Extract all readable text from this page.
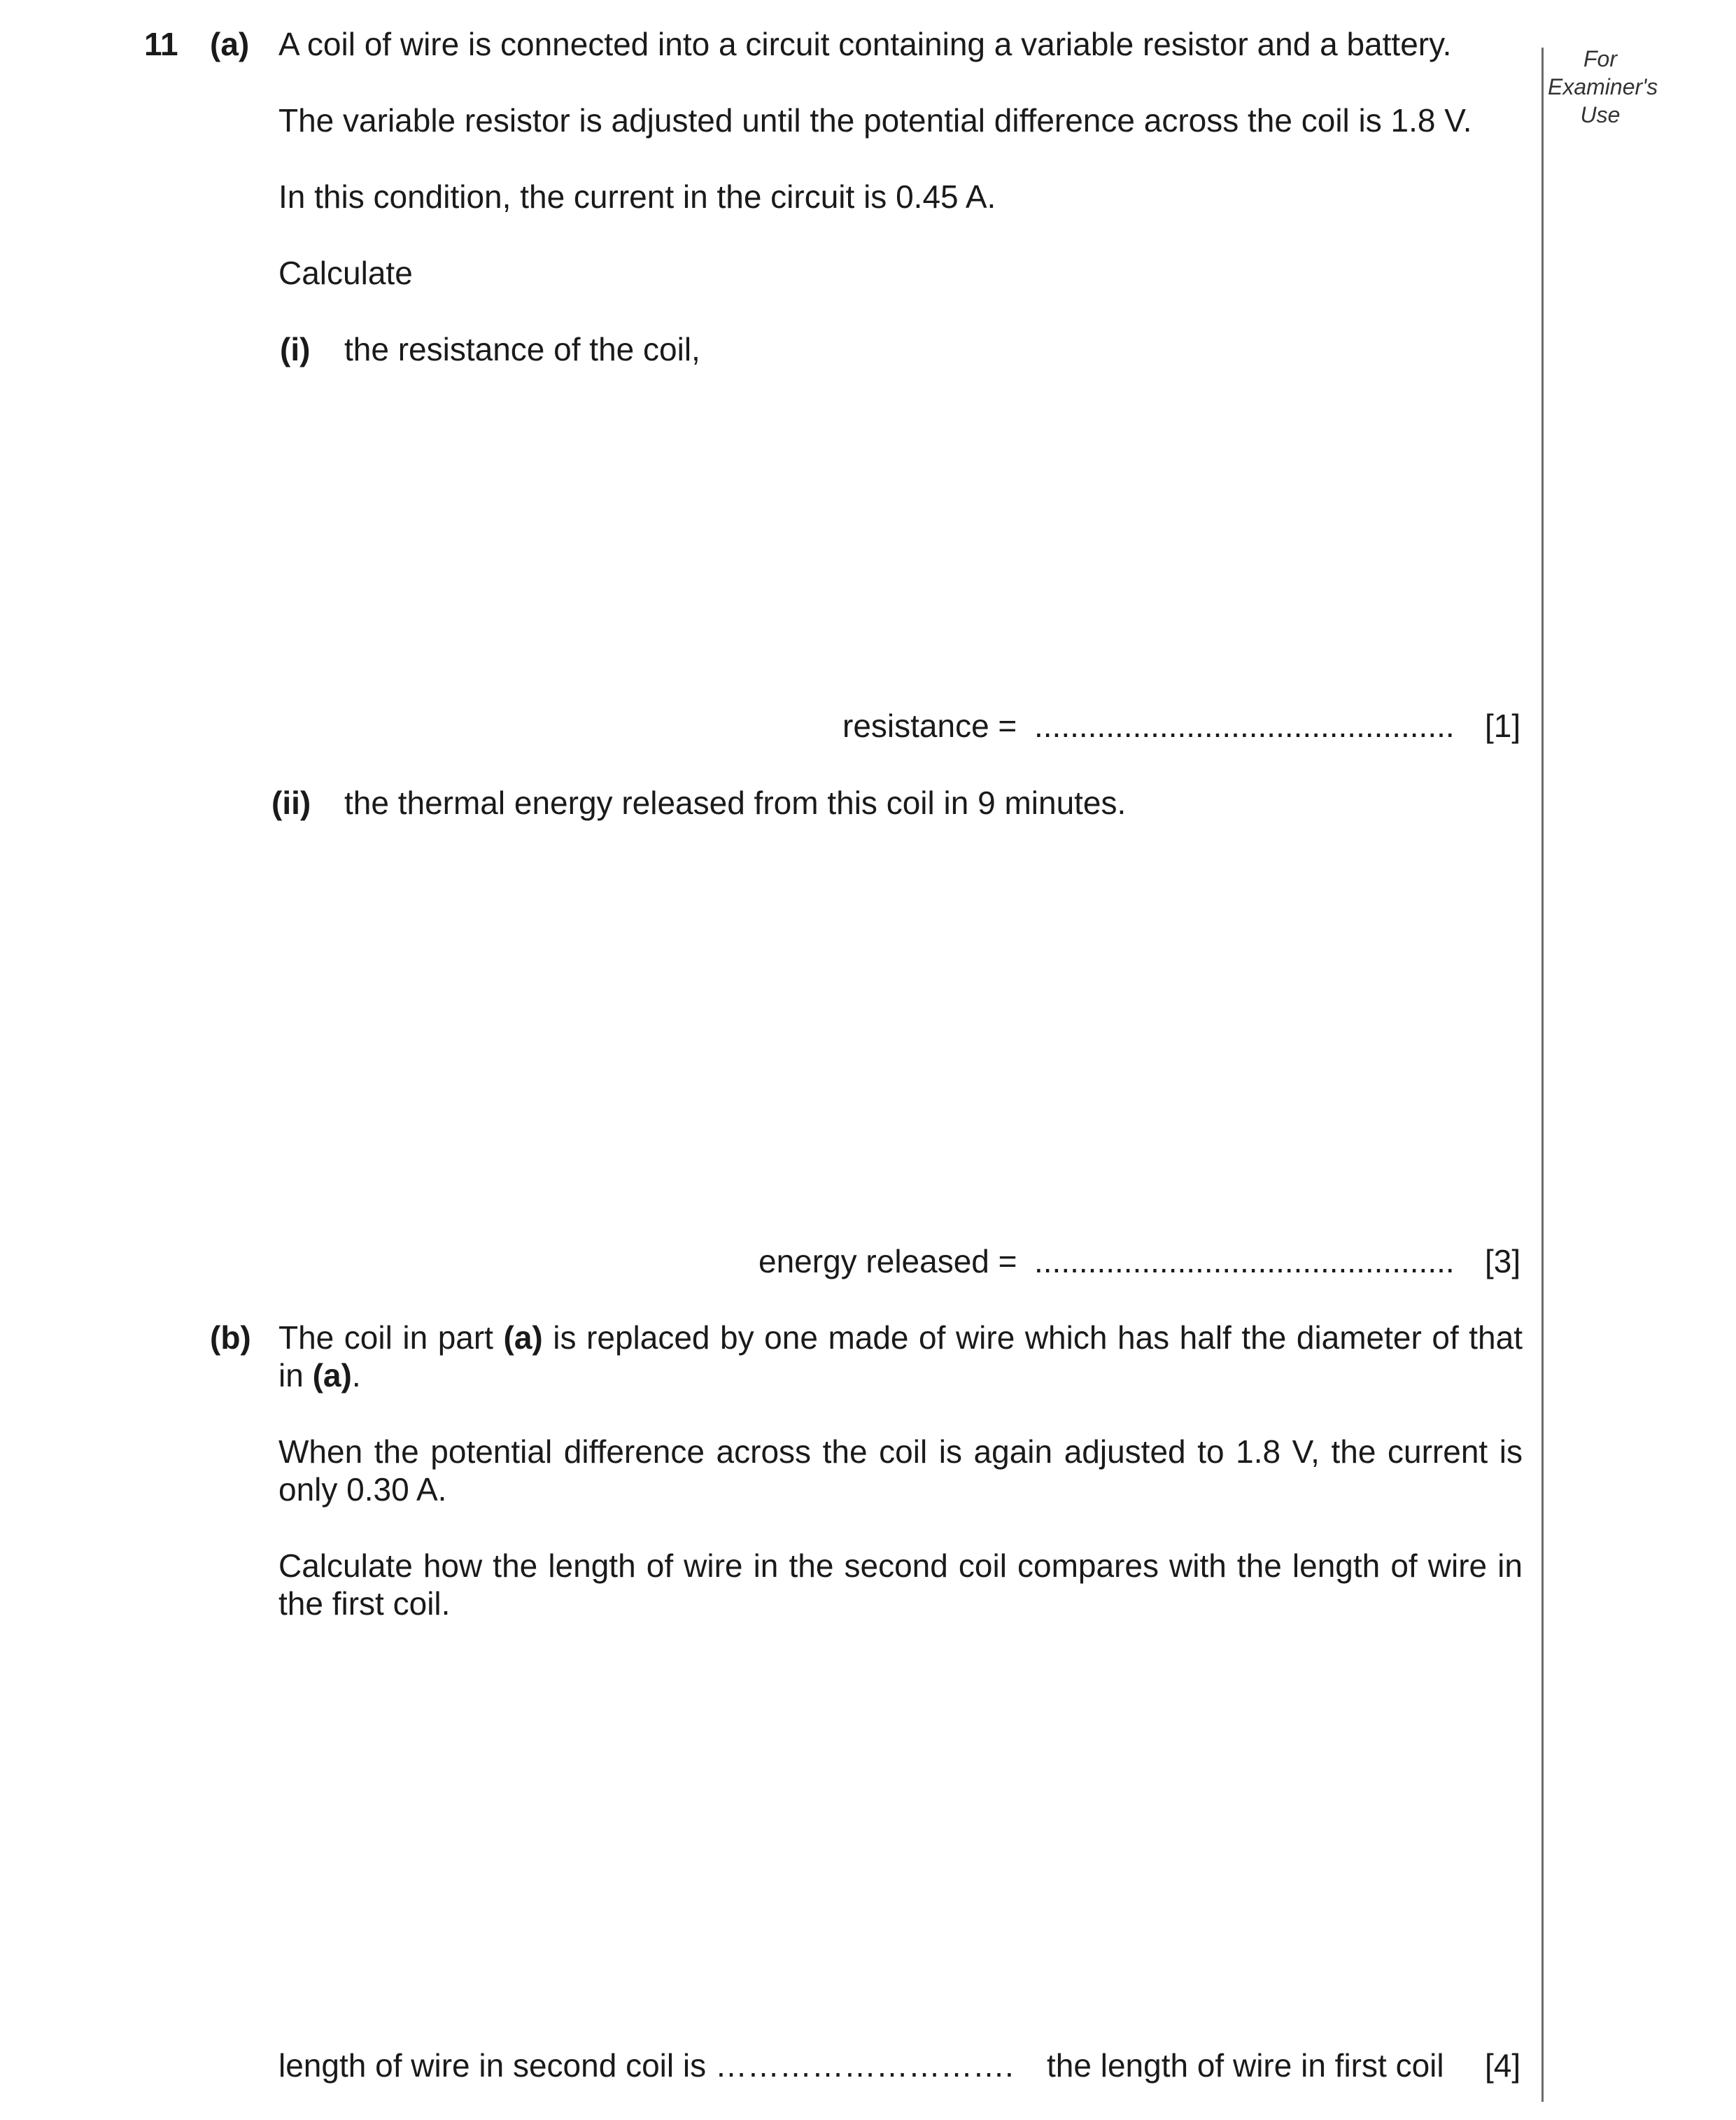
For
Examiner's
Use
11 (a) A coil of wire is connected into a circuit containing a variable resistor and a battery.
The variable resistor is adjusted until the potential difference across the coil is 1.8 V.
In this condition, the current in the circuit is 0.45 A.
Calculate
(i) the resistance of the coil,
resistance = ............................................... [1]
(ii) the thermal energy released from this coil in 9 minutes.
energy released = ............................................... [3]
(b) The coil in part (a) is replaced by one made of wire which has half the diameter of that in (a).
When the potential difference across the coil is again adjusted to 1.8 V, the current is only 0.30 A.
Calculate how the length of wire in the second coil compares with the length of wire in the first coil.
length of wire in second coil is ……………………….	the length of wire in first coil [4]
